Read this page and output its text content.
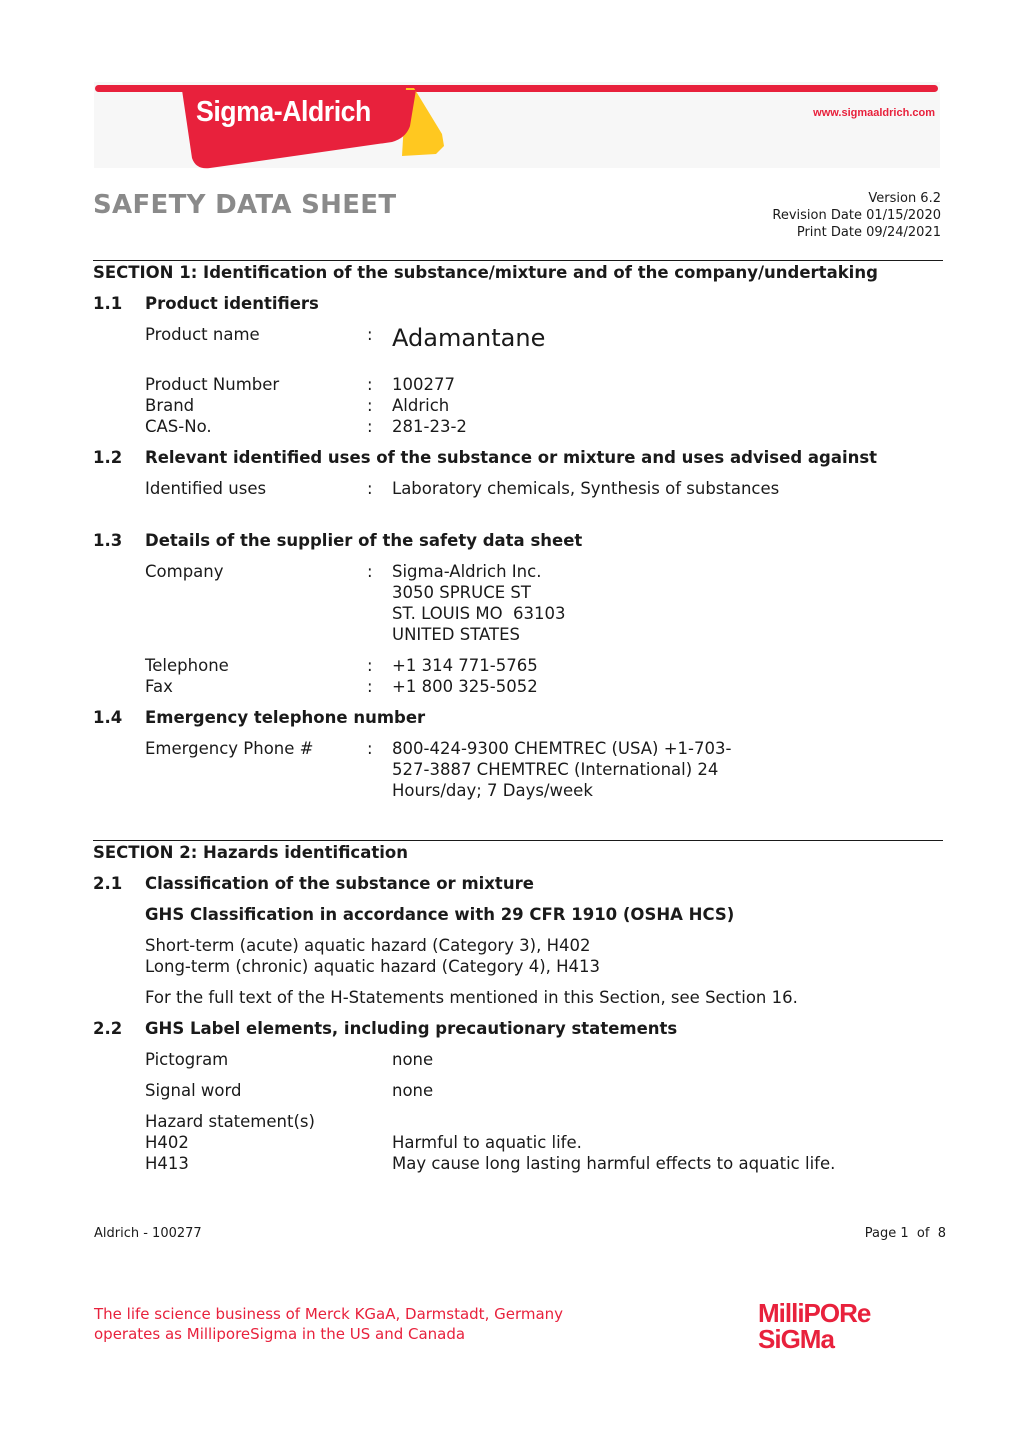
Sigma-Aldrich	www.sigmaaldrich.com
SAFETY DATA SHEET	Version 6.2
Revision Date 01/15/2020
Print Date 09/24/2021
SECTION 1: Identification of the substance/mixture and of the company/undertaking
1.1 Product identifiers
Product name	: Adamantane
Product Number	: 100277
Brand	: Aldrich
CAS-No.	: 281-23-2
1.2 Relevant identified uses of the substance or mixture and uses advised against
Identified uses	: Laboratory chemicals, Synthesis of substances
1.3 Details of the supplier of the safety data sheet
Company	: Sigma-Aldrich Inc.
3050 SPRUCE ST
ST. LOUIS MO  63103
UNITED STATES
Telephone	: +1 314 771-5765
Fax	: +1 800 325-5052
1.4 Emergency telephone number
Emergency Phone #	: 800-424-9300 CHEMTREC (USA) +1-703-
527-3887 CHEMTREC (International) 24
Hours/day; 7 Days/week
SECTION 2: Hazards identification
2.1 Classification of the substance or mixture
GHS Classification in accordance with 29 CFR 1910 (OSHA HCS)
Short-term (acute) aquatic hazard (Category 3), H402
Long-term (chronic) aquatic hazard (Category 4), H413
For the full text of the H-Statements mentioned in this Section, see Section 16.
2.2 GHS Label elements, including precautionary statements
Pictogram	none
Signal word	none
Hazard statement(s)
H402	Harmful to aquatic life.
H413	May cause long lasting harmful effects to aquatic life.
Aldrich - 100277	Page 1  of  8
The life science business of Merck KGaA, Darmstadt, Germany
operates as MilliporeSigma in the US and Canada
MilliPORe
SiGMa
